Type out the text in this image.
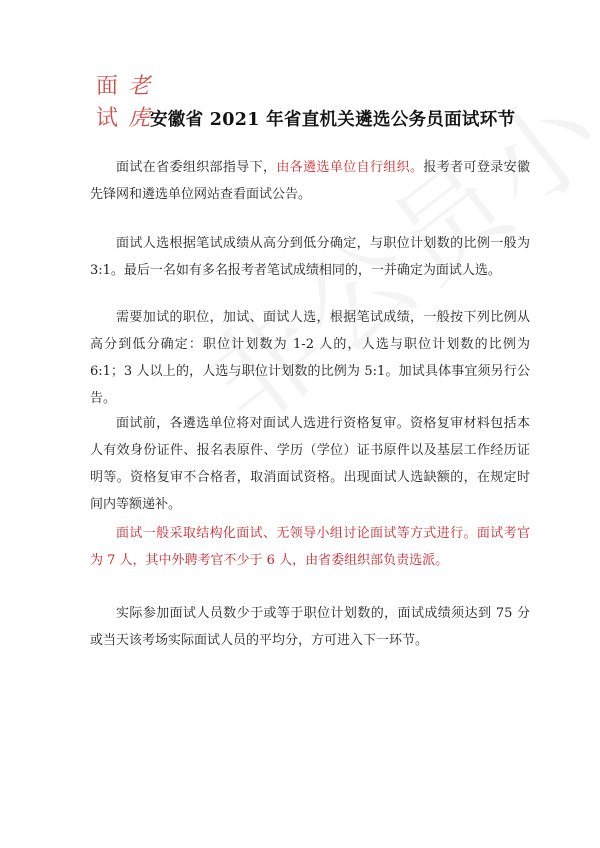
面 老
试 虎 安徽省 2021 年省直机关遴选公务员面试环节

面试在省委组织部指导下，由各遴选单位自行组织。报考者可登录安徽先锋网和遴选单位网站查看面试公告。

面试人选根据笔试成绩从高分到低分确定，与职位计划数的比例一般为 3:1。最后一名如有多名报考者笔试成绩相同的，一并确定为面试人选。

需要加试的职位，加试、面试人选，根据笔试成绩，一般按下列比例从高分到低分确定：职位计划数为 1-2 人的，人选与职位计划数的比例为 6:1；3 人以上的，人选与职位计划数的比例为 5:1。加试具体事宜须另行公告。

面试前，各遴选单位将对面试人选进行资格复审。资格复审材料包括本人有效身份证件、报名表原件、学历（学位）证书原件以及基层工作经历证明等。资格复审不合格者，取消面试资格。出现面试人选缺额的，在规定时间内等额递补。

面试一般采取结构化面试、无领导小组讨论面试等方式进行。面试考官为 7 人，其中外聘考官不少于 6 人，由省委组织部负责选派。

实际参加面试人员数少于或等于职位计划数的，面试成绩须达到 75 分或当天该考场实际面试人员的平均分，方可进入下一环节。
